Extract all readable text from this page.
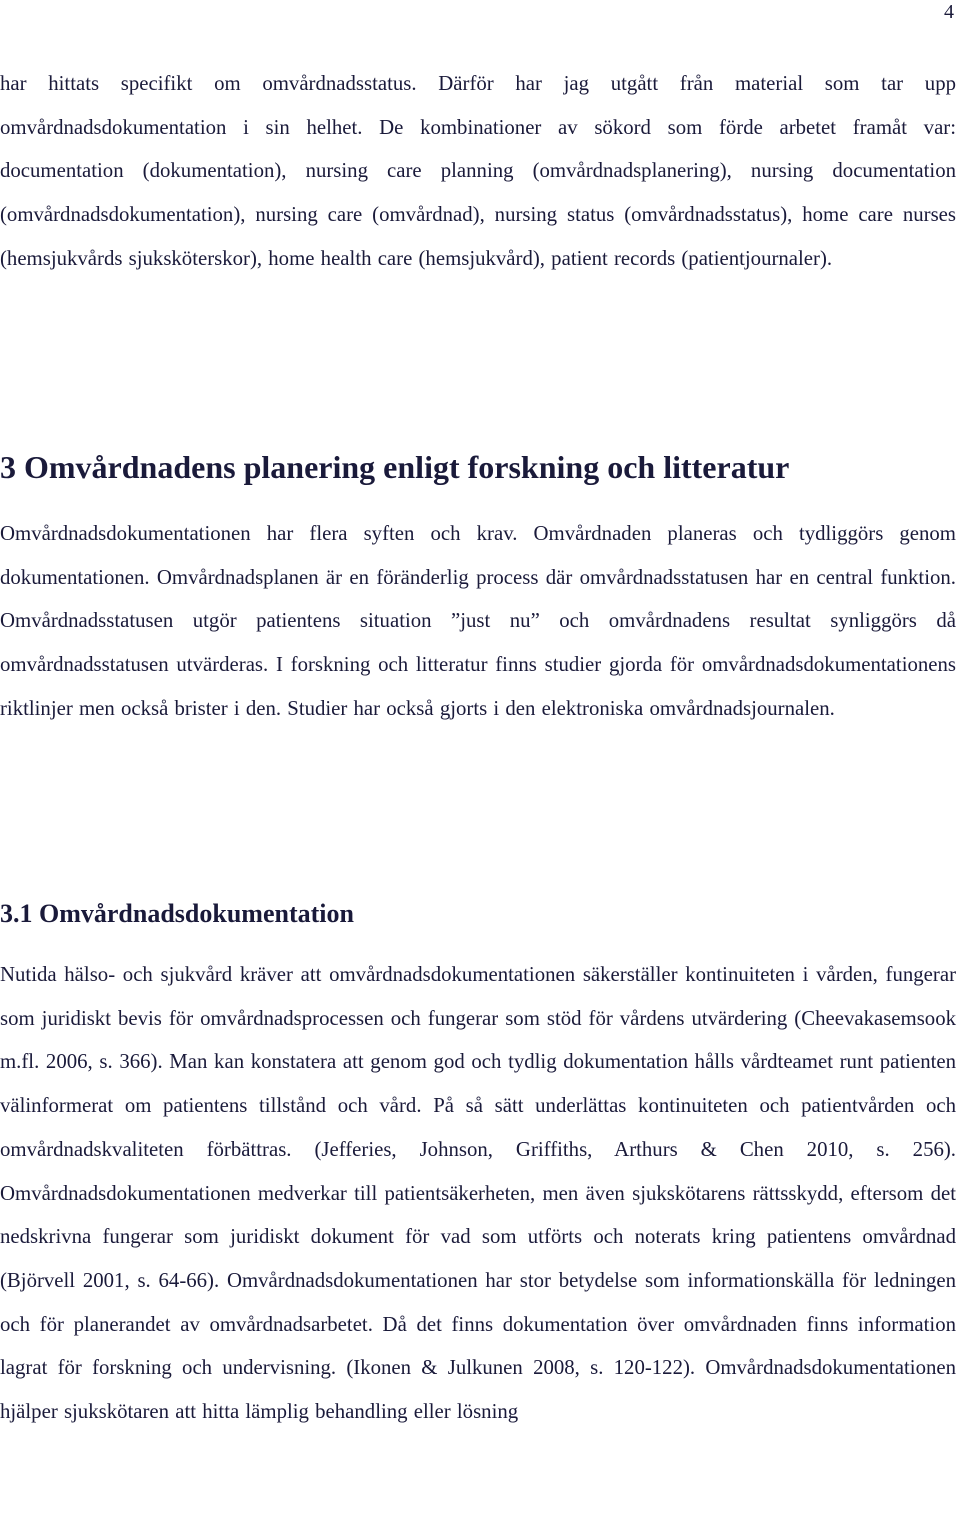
4

har hittats specifikt om omvårdnadsstatus. Därför har jag utgått från material som tar upp omvårdnadsdokumentation i sin helhet. De kombinationer av sökord som förde arbetet framåt var: documentation (dokumentation), nursing care planning (omvårdnadsplanering), nursing documentation (omvårdnadsdokumentation), nursing care (omvårdnad), nursing status (omvårdnadsstatus), home care nurses (hemsjukvårds sjuksköterskor), home health care (hemsjukvård), patient records (patientjournaler).

3 Omvårdnadens planering enligt forskning och litteratur

Omvårdnadsdokumentationen har flera syften och krav. Omvårdnaden planeras och tydliggörs genom dokumentationen. Omvårdnadsplanen är en föränderlig process där omvårdnadsstatusen har en central funktion. Omvårdnadsstatusen utgör patientens situation ”just nu” och omvårdnadens resultat synliggörs då omvårdnadsstatusen utvärderas. I forskning och litteratur finns studier gjorda för omvårdnadsdokumentationens riktlinjer men också brister i den. Studier har också gjorts i den elektroniska omvårdnadsjournalen.

3.1 Omvårdnadsdokumentation

Nutida hälso- och sjukvård kräver att omvårdnadsdokumentationen säkerställer kontinuiteten i vården, fungerar som juridiskt bevis för omvårdnadsprocessen och fungerar som stöd för vårdens utvärdering (Cheevakasemsook m.fl. 2006, s. 366). Man kan konstatera att genom god och tydlig dokumentation hålls vårdteamet runt patienten välinformerat om patientens tillstånd och vård. På så sätt underlättas kontinuiteten och patientvården och omvårdnadskvaliteten förbättras. (Jefferies, Johnson, Griffiths, Arthurs & Chen 2010, s. 256). Omvårdnadsdokumentationen medverkar till patientsäkerheten, men även sjukskötarens rättsskydd, eftersom det nedskrivna fungerar som juridiskt dokument för vad som utförts och noterats kring patientens omvårdnad (Björvell 2001, s. 64-66). Omvårdnadsdokumentationen har stor betydelse som informationskälla för ledningen och för planerandet av omvårdnadsarbetet. Då det finns dokumentation över omvårdnaden finns information lagrat för forskning och undervisning. (Ikonen & Julkunen 2008, s. 120-122). Omvårdnadsdokumentationen hjälper sjukskötaren att hitta lämplig behandling eller lösning
